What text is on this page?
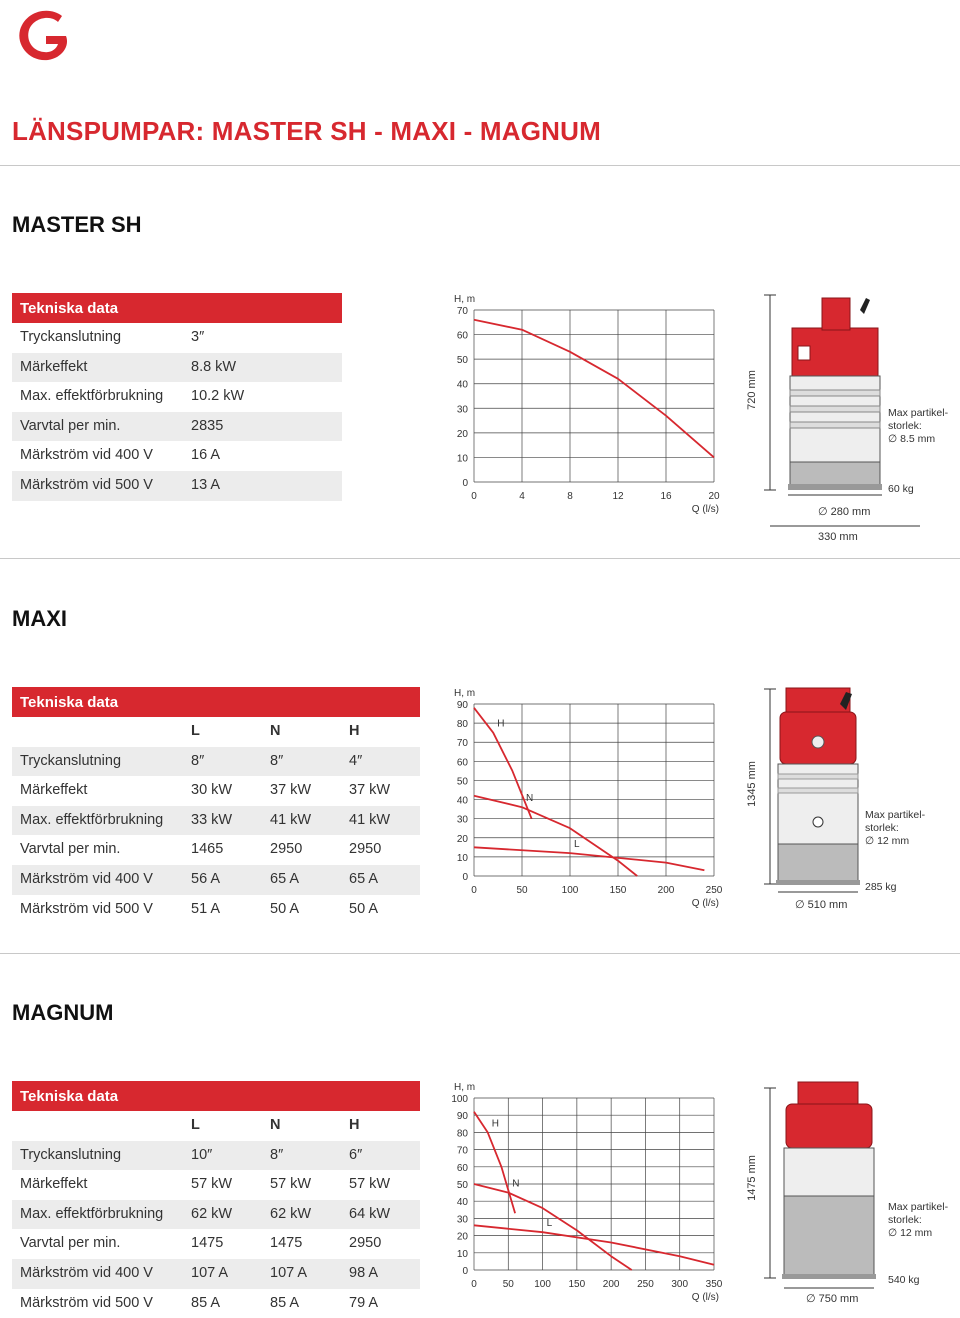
LÄNSPUMPAR: MASTER SH - MAXI - MAGNUM
MASTER SH
Tekniska data
Tryckanslutning	3″
Märkeffekt	8.8 kW
Max. effektförbrukning 10.2 kW
Varvtal per min.	2835
Märkström vid 400 V	16 A
Märkström vid 500 V	13 A
0	4	8	12	16	20
0
10
20
30
40
50
60
70
H, m
Q (l/s)
720 mm
Max partikel-
storlek:
∅ 8.5 mm
60 kg
∅ 280 mm
330 mm
MAXI
Tekniska data
L	N	H
Tryckanslutning	8″	8″	4″
Märkeffekt	30 kW	37 kW	37 kW
Max. effektförbrukning 33 kW	41 kW	41 kW
Varvtal per min.	1465	2950	2950
Märkström vid 400 V	56 A	65 A	65 A
Märkström vid 500 V	51 A	50 A	50 A
0	50	100	150	200	250
0
10
20
30
40
50
60
70
80
90
H, m
Q (l/s)
H
N
L
1345 mm
Max partikel-
storlek:
∅ 12 mm
285 kg
∅ 510 mm
MAGNUM
Tekniska data
L	N	H
Tryckanslutning	10″	8″	6″
Märkeffekt	57 kW	57 kW	57 kW
Max. effektförbrukning 62 kW	62 kW	64 kW
Varvtal per min.	1475	1475	2950
Märkström vid 400 V	107 A	107 A	98 A
Märkström vid 500 V	85 A	85 A	79 A
0	50 100 150 200 250 300 350
0
10
20
30
40
50
60
70
80
90
100
H, m
Q (l/s)
H
N
L
1475 mm
Max partikel-
storlek:
∅ 12 mm
540 kg
∅ 750 mm
